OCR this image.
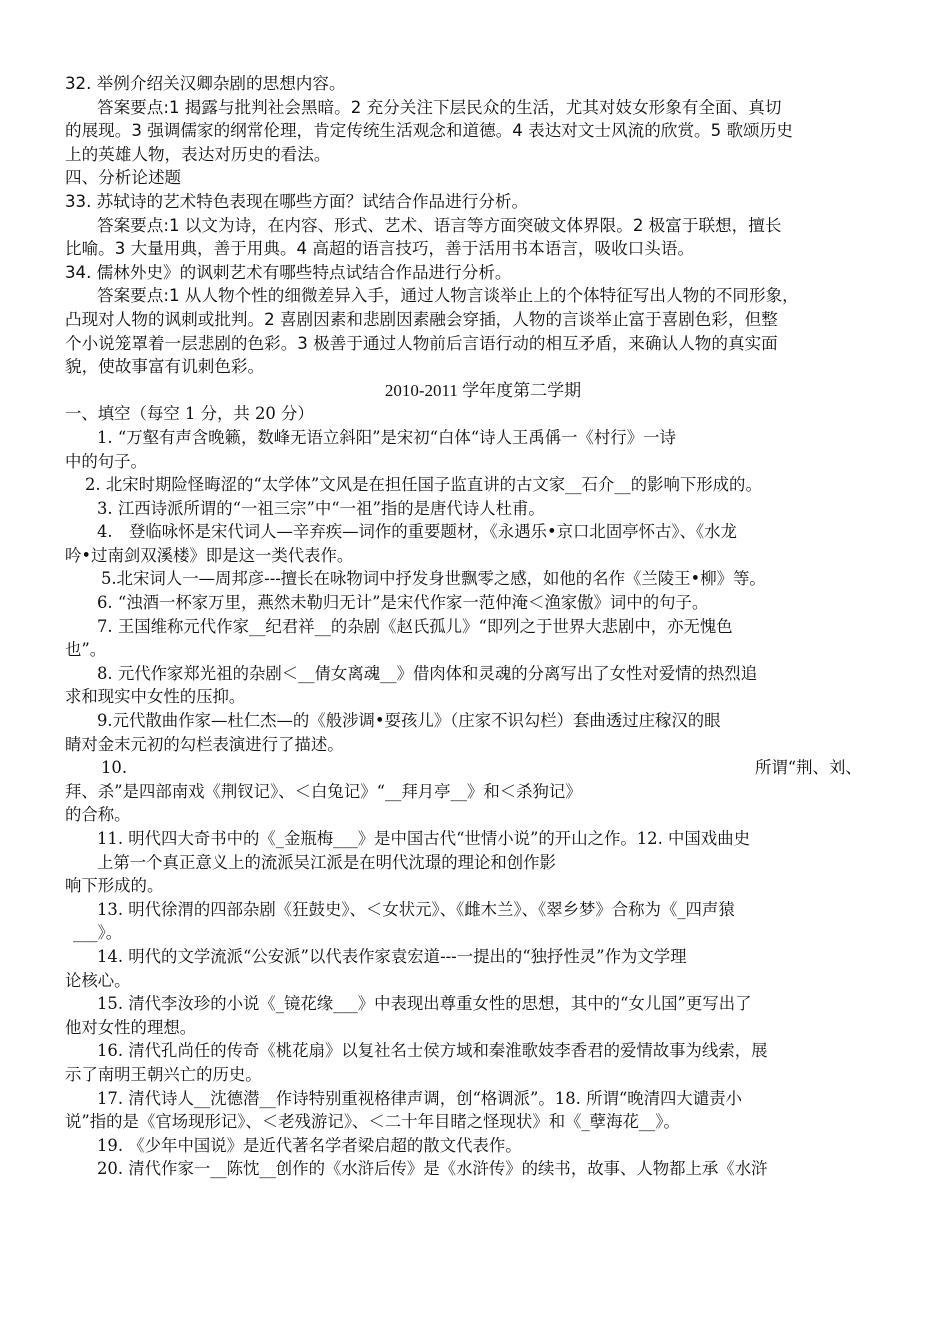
32. 举例介绍关汉卿杂剧的思想内容。
答案要点:1 揭露与批判社会黑暗。2 充分关注下层民众的生活，尤其对妓女形象有全面、真切
的展现。3 强调儒家的纲常伦理，肯定传统生活观念和道德。4 表达对文士风流的欣赏。5 歌颂历史
上的英雄人物，表达对历史的看法。
四、分析论述题
33. 苏轼诗的艺术特色表现在哪些方面？试结合作品进行分析。
答案要点:1 以文为诗，在内容、形式、艺术、语言等方面突破文体界限。2 极富于联想，擅长
比喻。3 大量用典，善于用典。4 高超的语言技巧，善于活用书本语言，吸收口头语。
34. 儒林外史》的讽刺艺术有哪些特点试结合作品进行分析。
答案要点:1 从人物个性的细微差异入手，通过人物言谈举止上的个体特征写出人物的不同形象，
凸现对人物的讽刺或批判。2 喜剧因素和悲剧因素融会穿插，人物的言谈举止富于喜剧色彩，但整
个小说笼罩着一层悲剧的色彩。3 极善于通过人物前后言语行动的相互矛盾，来确认人物的真实面
貌，使故事富有讥刺色彩。
2010-2011 学年度第二学期
一、填空（每空 1 分，共 20 分）
1. “万壑有声含晚籁，数峰无语立斜阳”是宋初“白体“诗人王禹偁一《村行》一诗
中的句子。
2. 北宋时期险怪晦涩的“太学体”文风是在担任国子监直讲的古文家__石介__的影响下形成的。
3. 江西诗派所谓的“一祖三宗”中“一祖”指的是唐代诗人杜甫。
4.　登临咏怀是宋代词人—辛弃疾—词作的重要题材，《永遇乐•京口北固亭怀古》、《水龙
吟•过南剑双溪楼》即是这一类代表作。
5.北宋词人一—周邦彦---擅长在咏物词中抒发身世飘零之感，如他的名作《兰陵王•柳》等。
6. “浊酒一杯家万里，燕然未勒归无计”是宋代作家一范仲淹＜渔家傲》词中的句子。
7. 王国维称元代作家__纪君祥__的杂剧《赵氏孤儿》“即列之于世界大悲剧中，亦无愧色
也”。
8. 元代作家郑光祖的杂剧＜__倩女离魂__》借肉体和灵魂的分离写出了女性对爱情的热烈追
求和现实中女性的压抑。
9.元代散曲作家—杜仁杰—的《般涉调•耍孩儿》（庄家不识勾栏）套曲透过庄稼汉的眼
睛对金末元初的勾栏表演进行了描述。
10.	所谓“荆、刘、
拜、杀”是四部南戏《荆钗记》、＜白兔记》“__拜月亭__》和＜杀狗记》
的合称。
11. 明代四大奇书中的《_金瓶梅___》是中国古代“世情小说”的开山之作。12. 中国戏曲史
上第一个真正意义上的流派吴江派是在明代沈璟的理论和创作影
响下形成的。
13. 明代徐渭的四部杂剧《狂鼓史》、＜女状元》、《雌木兰》、《翠乡梦》合称为《_四声猿
___》。
14. 明代的文学流派“公安派”以代表作家袁宏道---一提出的“独抒性灵”作为文学理
论核心。
15. 清代李汝珍的小说《_镜花缘___》中表现出尊重女性的思想，其中的“女儿国”更写出了
他对女性的理想。
16. 清代孔尚任的传奇《桃花扇》以复社名士侯方域和秦淮歌妓李香君的爱情故事为线索，展
示了南明王朝兴亡的历史。
17. 清代诗人__沈德潜__作诗特别重视格律声调，创“格调派”。18. 所谓“晚清四大谴责小
说”指的是《官场现形记》、＜老残游记》、＜二十年目睹之怪现状》和《_孽海花__》。
19. 《少年中国说》是近代著名学者梁启超的散文代表作。
20. 清代作家一__陈忱__创作的《水浒后传》是《水浒传》的续书，故事、人物都上承《水浒
